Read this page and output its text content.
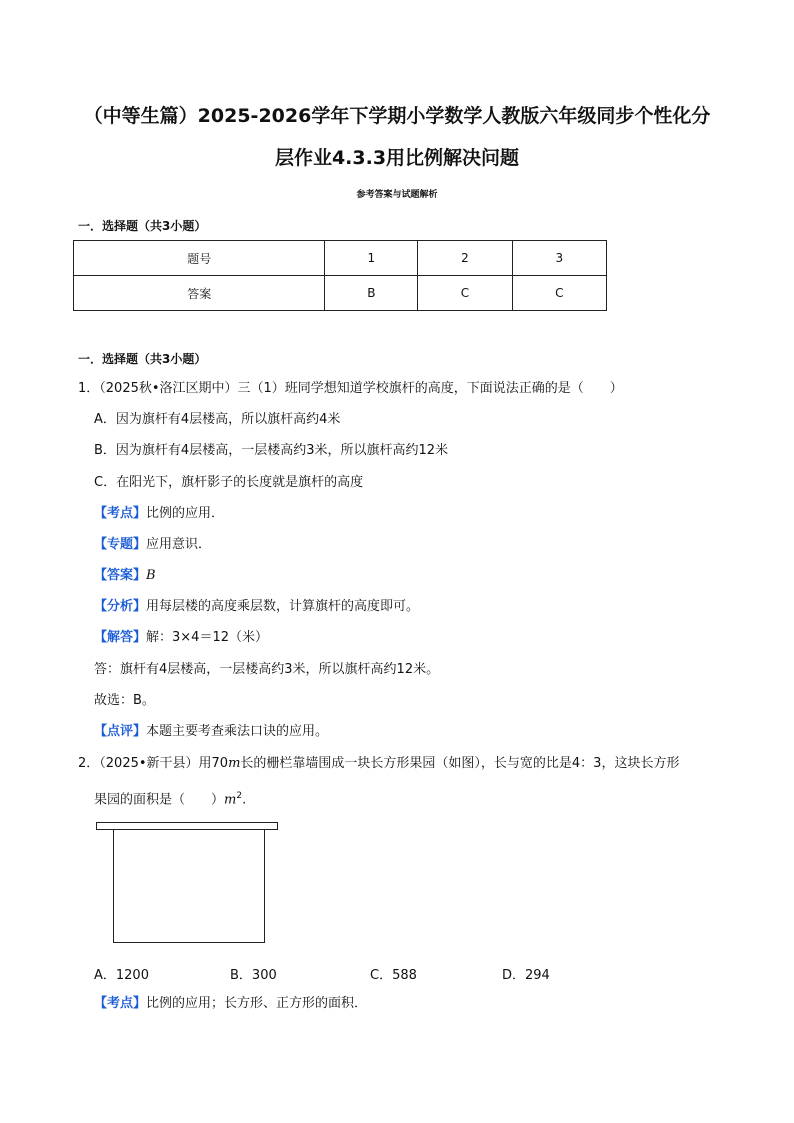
（中等生篇）2025-2026学年下学期小学数学人教版六年级同步个性化分
层作业4.3.3用比例解决问题
参考答案与试题解析
一．选择题（共3小题）
题号	1	2	3
答案	B	C	C
一．选择题（共3小题）
1．（2025秋•洛江区期中）三（1）班同学想知道学校旗杆的高度，下面说法正确的是（　　）
A．因为旗杆有4层楼高，所以旗杆高约4米
B．因为旗杆有4层楼高，一层楼高约3米，所以旗杆高约12米
C．在阳光下，旗杆影子的长度就是旗杆的高度
【考点】比例的应用．
【专题】应用意识．
【答案】B
【分析】用每层楼的高度乘层数，计算旗杆的高度即可。
【解答】解：3×4＝12（米）
答：旗杆有4层楼高，一层楼高约3米，所以旗杆高约12米。
故选：B。
【点评】本题主要考查乘法口诀的应用。
2．（2025•新干县）用70m长的栅栏靠墙围成一块长方形果园（如图），长与宽的比是4：3，这块长方形
果园的面积是（　　）$m^2$.
A．1200	B．300	C．588	D．294
【考点】比例的应用；长方形、正方形的面积．
